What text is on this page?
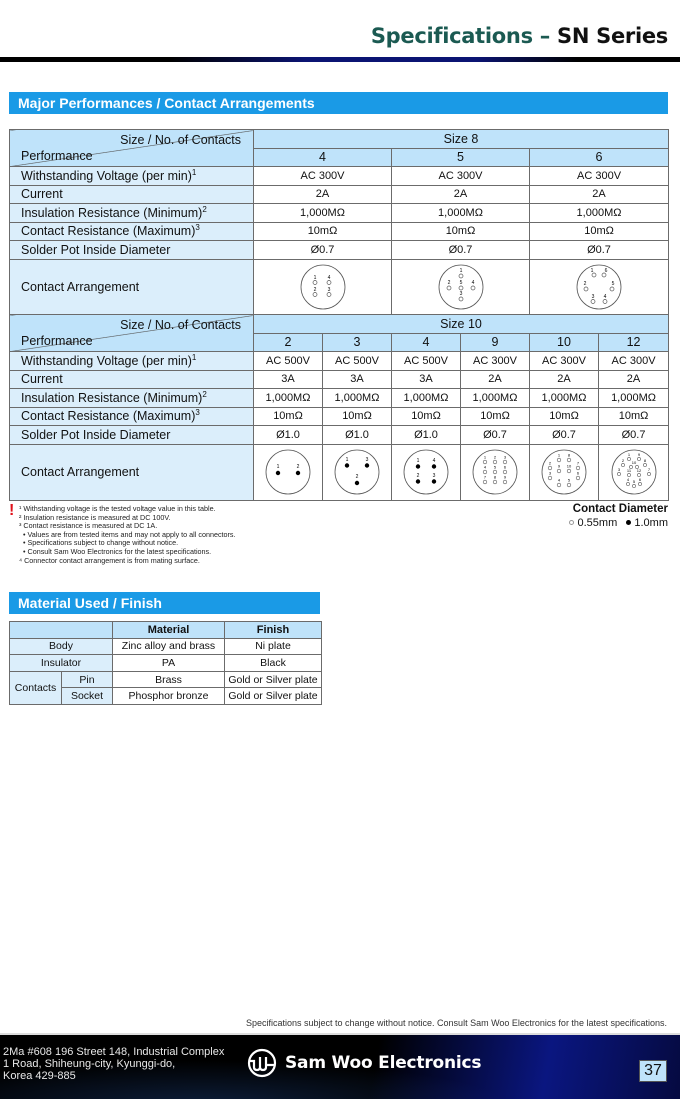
Specifications – SN Series
Major Performances / Contact Arrangements
Size / No. of Contacts
Performance	Size 8		
	4	5	6
Withstanding Voltage (per min)$^1$	AC 300V	AC 300V	AC 300V
Current	2A	2A	2A
Insulation Resistance (Minimum)$^2$	1,000MΩ	1,000MΩ	1,000MΩ
Contact Resistance (Maximum)$^3$	10mΩ	10mΩ	10mΩ
Solder Pot Inside Diameter	Ø0.7	Ø0.7	Ø0.7
Contact Arrangement	
1 4
2 3

1
2 5 4
3

1 6
2	5
3 4
Size / No. of Contacts
Performance	Size 10					
	2	3	4	9	10	12
Withstanding Voltage (per min)$^1$	AC 500V	AC 500V	AC 500V	AC 300V	AC 300V	AC 300V
Current	3A	3A	3A	2A	2A	2A
Insulation Resistance (Minimum)$^2$	1,000MΩ	1,000MΩ	1,000MΩ	1,000MΩ	1,000MΩ	1,000MΩ
Contact Resistance (Maximum)$^3$	10mΩ	10mΩ	10mΩ	10mΩ	10mΩ	10mΩ
Solder Pot Inside Diameter	Ø1.0	Ø1.0	Ø1.0	Ø0.7	Ø0.7	Ø0.7
Contact Arrangement	1	2

1	3
2

1	4
2	3

1 2 3
4 5 6
7 8 9

1 8
2	7
9 10
3	6
4 5

1 9
2	8
10
3	7
11 12
4 5 6
! ¹ Withstanding voltage is the tested voltage value in this table.
² Insulation resistance is measured at DC 100V.
³ Contact resistance is measured at DC 1A.
• Values are from tested items and may not apply to all connectors.
• Specifications subject to change without notice.
• Consult Sam Woo Electronics for the latest specifications.
⁴ Connector contact arrangement is from mating surface.
Contact Diameter
0.55mm 1.0mm
Material Used / Finish
		Material	Finish
Body		Zinc alloy and brass	Ni plate
Insulator		PA	Black
Contacts	Pin	Brass	Gold or Silver plate
	Socket	Phosphor bronze	Gold or Silver plate
Specifications subject to change without notice. Consult Sam Woo Electronics for the latest specifications.
2Ma #608 196 Street 148, Industrial Complex
1 Road, Shiheung-city, Kyunggi-do,
Korea 429-885
Sam Woo Electronics	37
